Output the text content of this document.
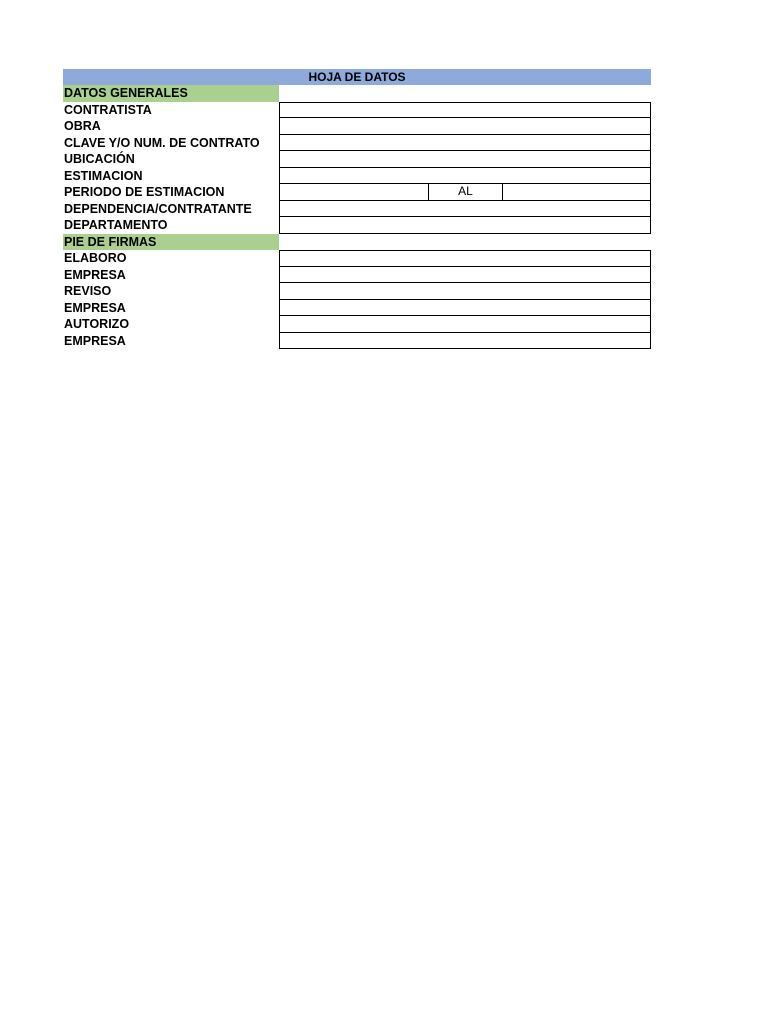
HOJA DE DATOS
DATOS GENERALES
CONTRATISTA
OBRA
CLAVE Y/O NUM. DE CONTRATO
UBICACIÓN
ESTIMACION
PERIODO DE ESTIMACION	AL
DEPENDENCIA/CONTRATANTE
DEPARTAMENTO
PIE DE FIRMAS
ELABORO
EMPRESA
REVISO
EMPRESA
AUTORIZO
EMPRESA
